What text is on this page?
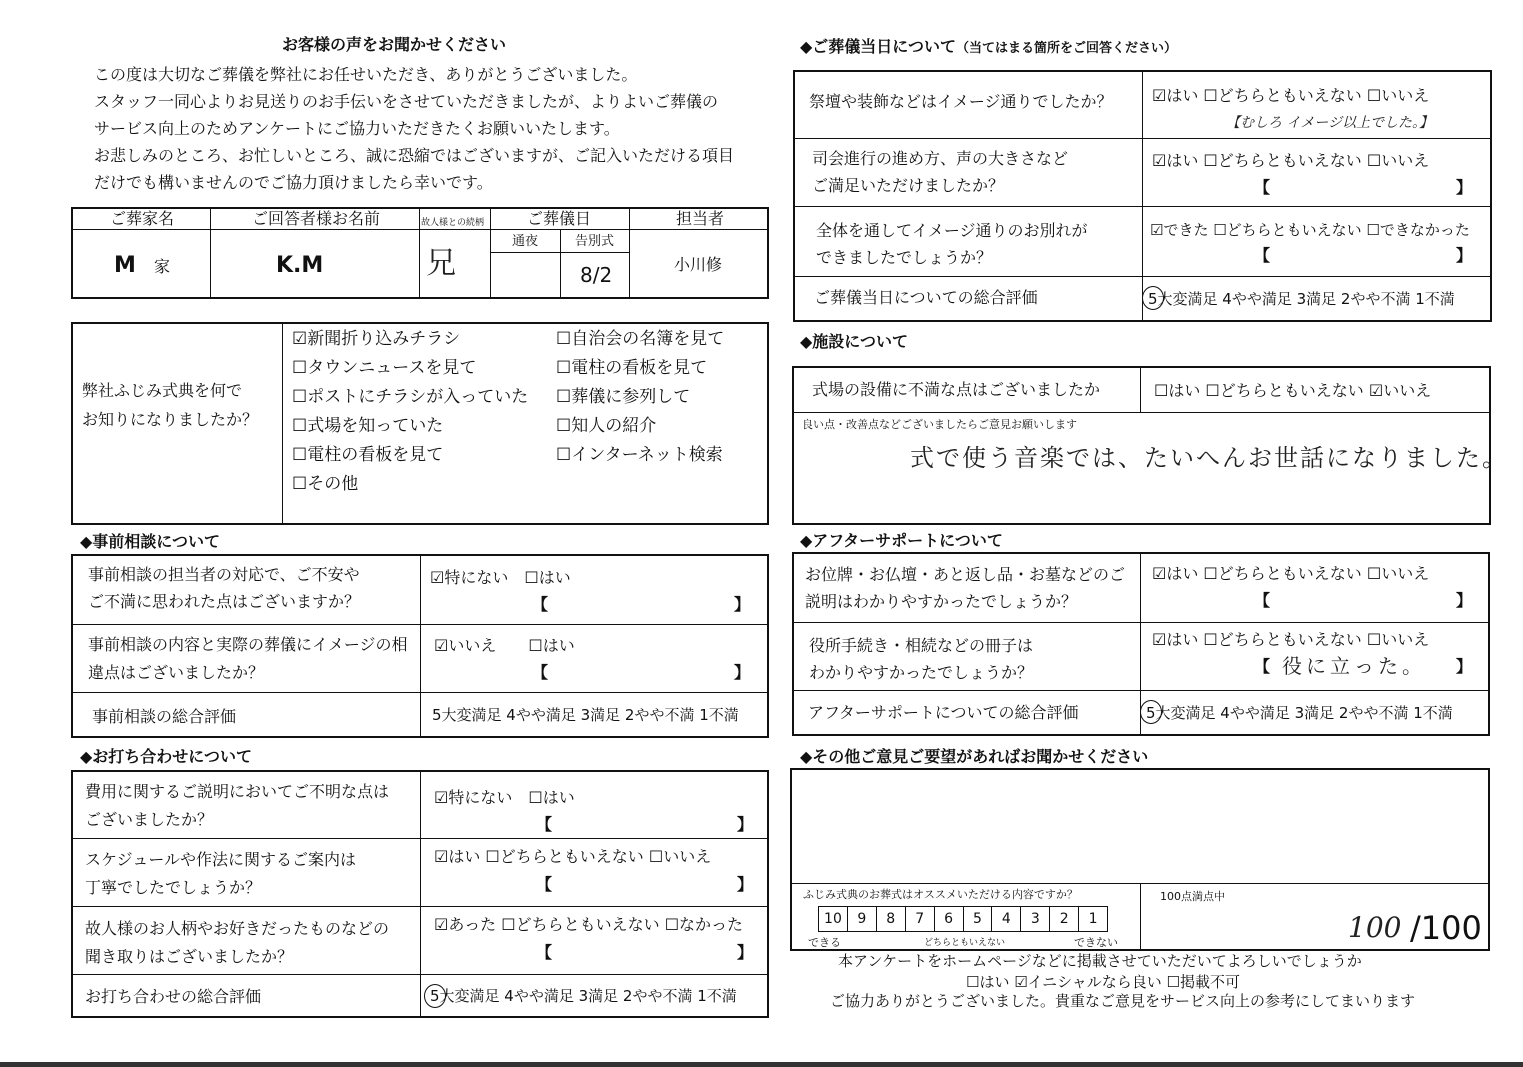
お客様の声をお聞かせください
この度は大切なご葬儀を弊社にお任せいただき、ありがとうございました。
スタッフ一同心よりお見送りのお手伝いをさせていただきましたが、よりよいご葬儀の
サービス向上のためアンケートにご協力いただきたくお願いいたします。
お悲しみのところ、お忙しいところ、誠に恐縮ではございますが、ご記入いただける項目
だけでも構いませんのでご協力頂けましたら幸いです。
ご葬家名	ご回答者様お名前	故人様との続柄	ご葬儀日	担当者
通夜	告別式
M 家	K.M	兄	8/2	小川修
弊社ふじみ式典を何で
お知りになりましたか？
☑新聞折り込みチラシ	☐自治会の名簿を見て
☐タウンニュースを見て	☐電柱の看板を見て
☐ポストにチラシが入っていた ☐葬儀に参列して
☐式場を知っていた	☐知人の紹介
☐電柱の看板を見て	☐インターネット検索
☐その他
◆事前相談について
事前相談の担当者の対応で、ご不安や
ご不満に思われた点はございますか？
☑特にない　☐はい
【	】
事前相談の内容と実際の葬儀にイメージの相
違点はございましたか？
☑いいえ　　☐はい
【	】
事前相談の総合評価	5大変満足 4やや満足 3満足 2やや不満 1不満
◆お打ち合わせについて
費用に関するご説明においてご不明な点は
ございましたか？
☑特にない　☐はい
【	】
スケジュールや作法に関するご案内は
丁寧でしたでしょうか？
☑はい ☐どちらともいえない ☐いいえ
【	】
故人様のお人柄やお好きだったものなどの
聞き取りはございましたか？
☑あった ☐どちらともいえない ☐なかった
【	】
お打ち合わせの総合評価	5大変満足 4やや満足 3満足 2やや不満 1不満
◆ご葬儀当日について（当てはまる箇所をご回答ください）
祭壇や装飾などはイメージ通りでしたか？ ☑はい ☐どちらともいえない ☐いいえ
【むしろ イメージ以上でした。】
司会進行の進め方、声の大きさなど
ご満足いただけましたか？
☑はい ☐どちらともいえない ☐いいえ
【	】
全体を通してイメージ通りのお別れが
できましたでしょうか？
☑できた ☐どちらともいえない ☐できなかった
【	】
ご葬儀当日についての総合評価	5大変満足 4やや満足 3満足 2やや不満 1不満
◆施設について
式場の設備に不満な点はございましたか	☐はい ☐どちらともいえない ☑いいえ
良い点・改善点などございましたらご意見お願いします
式で使う音楽では、たいへんお世話になりました。
◆アフターサポートについて
お位牌・お仏壇・あと返し品・お墓などのご
説明はわかりやすかったでしょうか？
☑はい ☐どちらともいえない ☐いいえ
【	】
役所手続き・相続などの冊子は
わかりやすかったでしょうか？
☑はい ☐どちらともいえない ☐いいえ
【 役に立った。 】
アフターサポートについての総合評価	5大変満足 4やや満足 3満足 2やや不満 1不満
◆その他ご意見ご要望があればお聞かせください
ふじみ式典のお葬式はオススメいただける内容ですか？
10	9	8	7	6	5	4	3	2	1
できる	どちらともいえない	できない
100点満点中
100 /100
本アンケートをホームページなどに掲載させていただいてよろしいでしょうか
☐はい ☑イニシャルなら良い ☐掲載不可
ご協力ありがとうございました。貴重なご意見をサービス向上の参考にしてまいります
